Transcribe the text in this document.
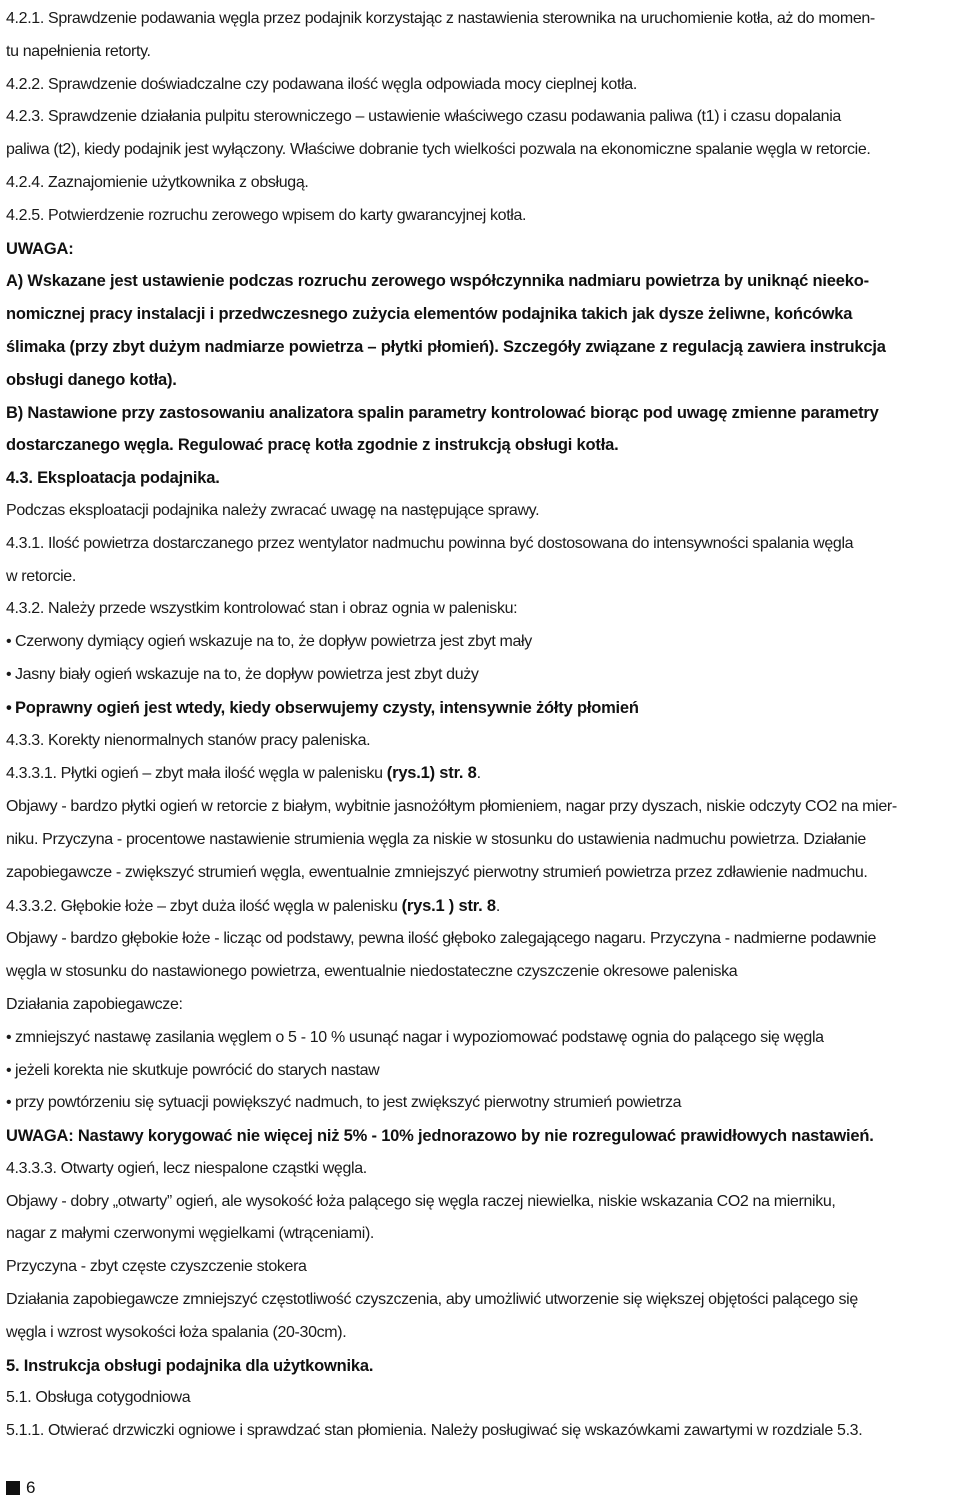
4.2.1. Sprawdzenie podawania węgla przez podajnik korzystając z nastawienia sterownika na uruchomienie kotła, aż do momen-

tu napełnienia retorty.

4.2.2. Sprawdzenie doświadczalne czy podawana ilość węgla odpowiada mocy cieplnej kotła.

4.2.3. Sprawdzenie działania pulpitu sterowniczego – ustawienie właściwego czasu podawania paliwa (t1) i czasu dopalania

paliwa (t2), kiedy podajnik jest wyłączony. Właściwe dobranie tych wielkości pozwala na ekonomiczne spalanie węgla w retorcie.

4.2.4. Zaznajomienie użytkownika z obsługą.

4.2.5. Potwierdzenie rozruchu zerowego wpisem do karty gwarancyjnej kotła.

UWAGA:

A) Wskazane jest ustawienie podczas rozruchu zerowego współczynnika nadmiaru powietrza by uniknąć nieeko-

nomicznej pracy instalacji i przedwczesnego zużycia elementów podajnika takich jak dysze żeliwne, końcówka

ślimaka (przy zbyt dużym nadmiarze powietrza – płytki płomień). Szczegóły związane z regulacją zawiera instrukcja

obsługi danego kotła).

B) Nastawione przy zastosowaniu analizatora spalin parametry kontrolować biorąc pod uwagę zmienne parametry

dostarczanego węgla. Regulować pracę kotła zgodnie z instrukcją obsługi kotła.

4.3. Eksploatacja podajnika.

Podczas eksploatacji podajnika należy zwracać uwagę na następujące sprawy.

4.3.1. Ilość powietrza dostarczanego przez wentylator nadmuchu powinna być dostosowana do intensywności spalania węgla

w retorcie.

4.3.2. Należy przede wszystkim kontrolować stan i obraz ognia w palenisku:

• Czerwony dymiący ogień wskazuje na to, że dopływ powietrza jest zbyt mały

• Jasny biały ogień wskazuje na to, że dopływ powietrza jest zbyt duży

• Poprawny ogień jest wtedy, kiedy obserwujemy czysty, intensywnie żółty płomień

4.3.3. Korekty nienormalnych stanów pracy paleniska.

4.3.3.1. Płytki ogień – zbyt mała ilość węgla w palenisku (rys.1) str. 8.

Objawy - bardzo płytki ogień w retorcie z białym, wybitnie jasnożółtym płomieniem, nagar przy dyszach, niskie odczyty CO2 na mier-

niku. Przyczyna - procentowe nastawienie strumienia węgla za niskie w stosunku do ustawienia nadmuchu powietrza. Działanie

zapobiegawcze - zwiększyć strumień węgla, ewentualnie zmniejszyć pierwotny strumień powietrza przez zdławienie nadmuchu.

4.3.3.2. Głębokie łoże – zbyt duża ilość węgla w palenisku (rys.1 ) str. 8.

Objawy - bardzo głębokie łoże - licząc od podstawy, pewna ilość głęboko zalegającego nagaru. Przyczyna - nadmierne podawnie

węgla w stosunku do nastawionego powietrza, ewentualnie niedostateczne czyszczenie okresowe paleniska

Działania zapobiegawcze:

• zmniejszyć nastawę zasilania węglem o 5 - 10 % usunąć nagar i wypoziomować podstawę ognia do palącego się węgla

• jeżeli korekta nie skutkuje powrócić do starych nastaw

• przy powtórzeniu się sytuacji powiększyć nadmuch, to jest zwiększyć pierwotny strumień powietrza

UWAGA: Nastawy korygować nie więcej niż 5% - 10% jednorazowo by nie rozregulować prawidłowych nastawień.

4.3.3.3. Otwarty ogień, lecz niespalone cząstki węgla.

Objawy - dobry „otwarty” ogień, ale wysokość łoża palącego się węgla raczej niewielka, niskie wskazania CO2 na mierniku,

nagar z małymi czerwonymi węgielkami (wtrąceniami).

Przyczyna - zbyt częste czyszczenie stokera

Działania zapobiegawcze zmniejszyć częstotliwość czyszczenia, aby umożliwić utworzenie się większej objętości palącego się

węgla i wzrost wysokości łoża spalania (20-30cm).

5. Instrukcja obsługi podajnika dla użytkownika.

5.1. Obsługa cotygodniowa

5.1.1. Otwierać drzwiczki ogniowe i sprawdzać stan płomienia. Należy posługiwać się wskazówkami zawartymi w rozdziale 5.3.

6
